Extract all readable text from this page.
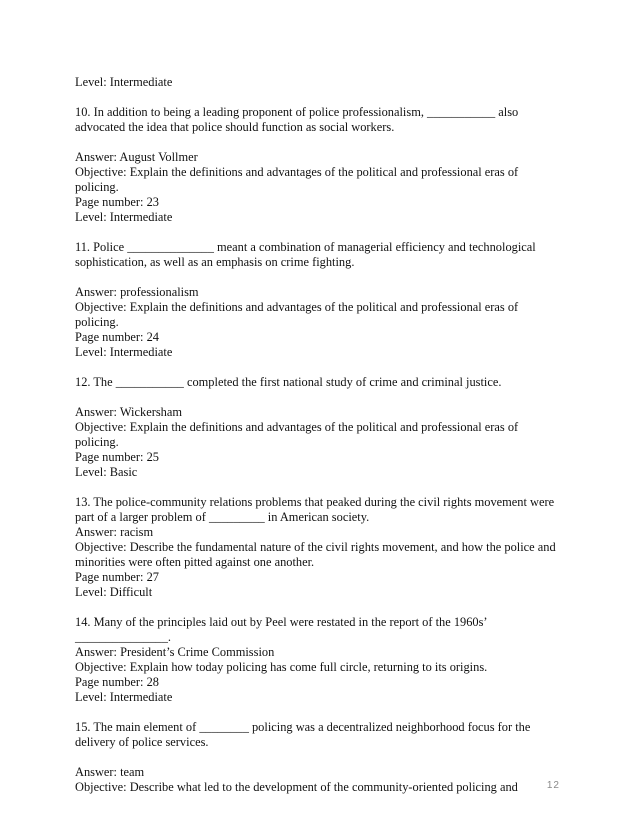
Level: Intermediate
10. In addition to being a leading proponent of police professionalism, ___________ also
advocated the idea that police should function as social workers.
Answer: August Vollmer
Objective: Explain the definitions and advantages of the political and professional eras of
policing.
Page number: 23
Level: Intermediate
11. Police ______________ meant a combination of managerial efficiency and technological
sophistication, as well as an emphasis on crime fighting.
Answer: professionalism
Objective: Explain the definitions and advantages of the political and professional eras of
policing.
Page number: 24
Level: Intermediate
12. The ___________ completed the first national study of crime and criminal justice.
Answer: Wickersham
Objective: Explain the definitions and advantages of the political and professional eras of
policing.
Page number: 25
Level: Basic
13. The police-community relations problems that peaked during the civil rights movement were
part of a larger problem of _________ in American society.
Answer: racism
Objective: Describe the fundamental nature of the civil rights movement, and how the police and
minorities were often pitted against one another.
Page number: 27
Level: Difficult
14. Many of the principles laid out by Peel were restated in the report of the 1960s’
_______________.
Answer: President’s Crime Commission
Objective: Explain how today policing has come full circle, returning to its origins.
Page number: 28
Level: Intermediate
15. The main element of ________ policing was a decentralized neighborhood focus for the
delivery of police services.
Answer: team
Objective: Describe what led to the development of the community-oriented policing and	12
